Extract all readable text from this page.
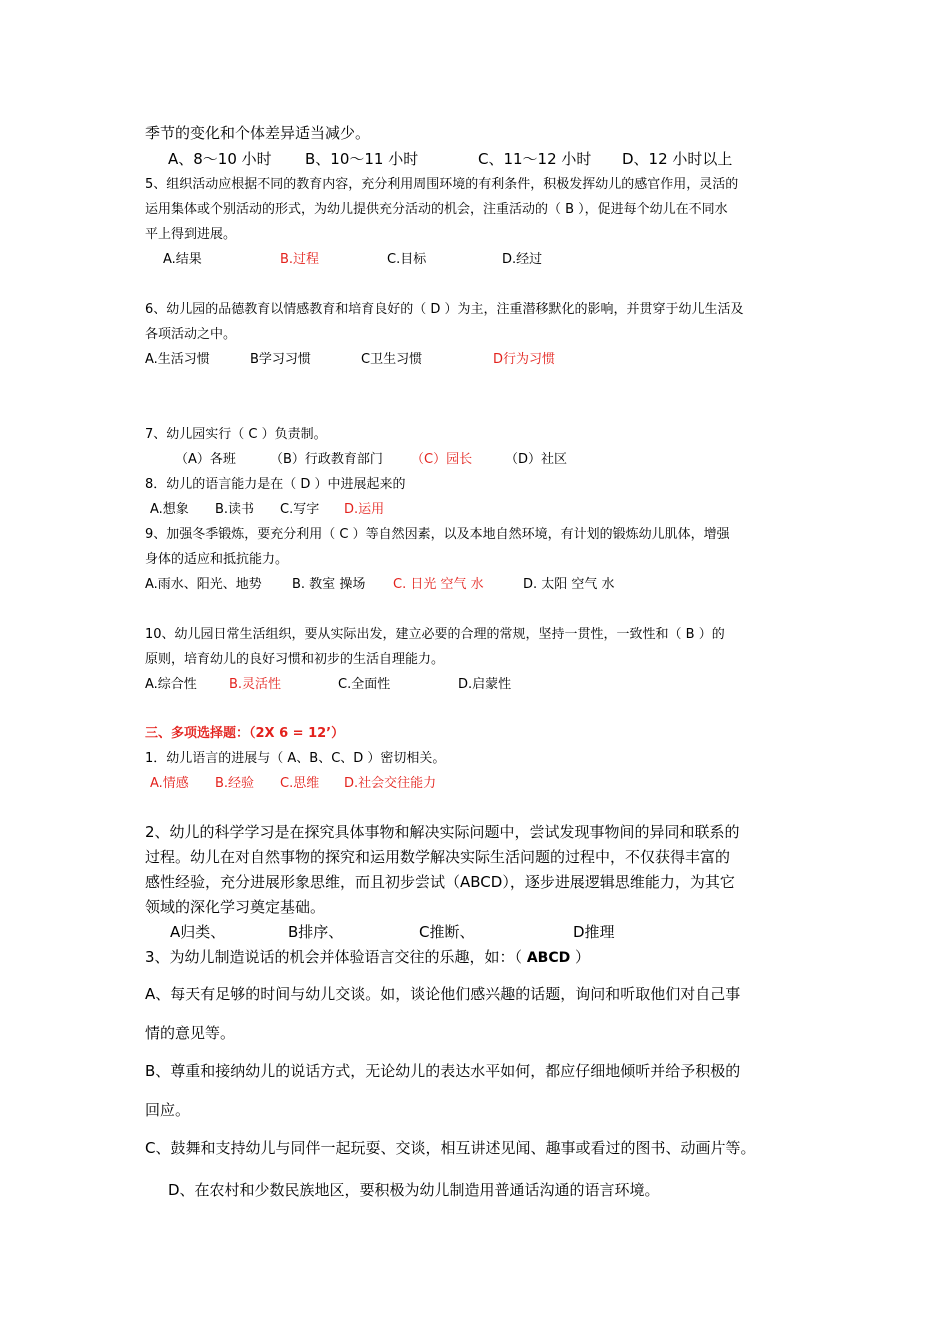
季节的变化和个体差异适当减少。
A、8～10 小时 B、10～11 小时	C、11～12 小时 D、12 小时以上
5、组织活动应根据不同的教育内容，充分利用周围环境的有利条件，积极发挥幼儿的感官作用，灵活的
运用集体或个别活动的形式，为幼儿提供充分活动的机会，注重活动的（ B ），促进每个幼儿在不同水
平上得到进展。
A.结果	B.过程	C.目标	D.经过
6、幼儿园的品德教育以情感教育和培育良好的（ D ）为主，注重潜移默化的影响，并贯穿于幼儿生活及
各项活动之中。
A.生活习惯	B学习习惯	C卫生习惯	D行为习惯
7、幼儿园实行（ C ）负责制。
（A）各班	（B）行政教育部门 （C）园长	（D）社区
8．幼儿的语言能力是在（ D ）中进展起来的
A.想象 B.读书 C.写字 D.运用
9、加强冬季锻炼，要充分利用（ C ）等自然因素，以及本地自然环境，有计划的锻炼幼儿肌体，增强
身体的适应和抵抗能力。
A.雨水、阳光、地势 B. 教室 操场 C. 日光 空气 水	D. 太阳 空气 水
10、幼儿园日常生活组织，要从实际出发，建立必要的合理的常规，坚持一贯性，一致性和（ B ）的
原则，培育幼儿的良好习惯和初步的生活自理能力。
A.综合性 B.灵活性	C.全面性	D.启蒙性
三、多项选择题：（2X 6 = 12’）
1．幼儿语言的进展与（ A、B、C、D ）密切相关。
A.情感 B.经验 C.思维 D.社会交往能力
2、幼儿的科学学习是在探究具体事物和解决实际问题中，尝试发现事物间的异同和联系的
过程。幼儿在对自然事物的探究和运用数学解决实际生活问题的过程中，不仅获得丰富的
感性经验，充分进展形象思维，而且初步尝试（ABCD），逐步进展逻辑思维能力，为其它
领域的深化学习奠定基础。
A归类、	B排序、	C推断、	D推理
3、为幼儿制造说话的机会并体验语言交往的乐趣，如：（ ABCD ）
A、每天有足够的时间与幼儿交谈。如，谈论他们感兴趣的话题，询问和听取他们对自己事
情的意见等。
B、尊重和接纳幼儿的说话方式，无论幼儿的表达水平如何，都应仔细地倾听并给予积极的
回应。
C、鼓舞和支持幼儿与同伴一起玩耍、交谈，相互讲述见闻、趣事或看过的图书、动画片等。
D、在农村和少数民族地区，要积极为幼儿制造用普通话沟通的语言环境。
